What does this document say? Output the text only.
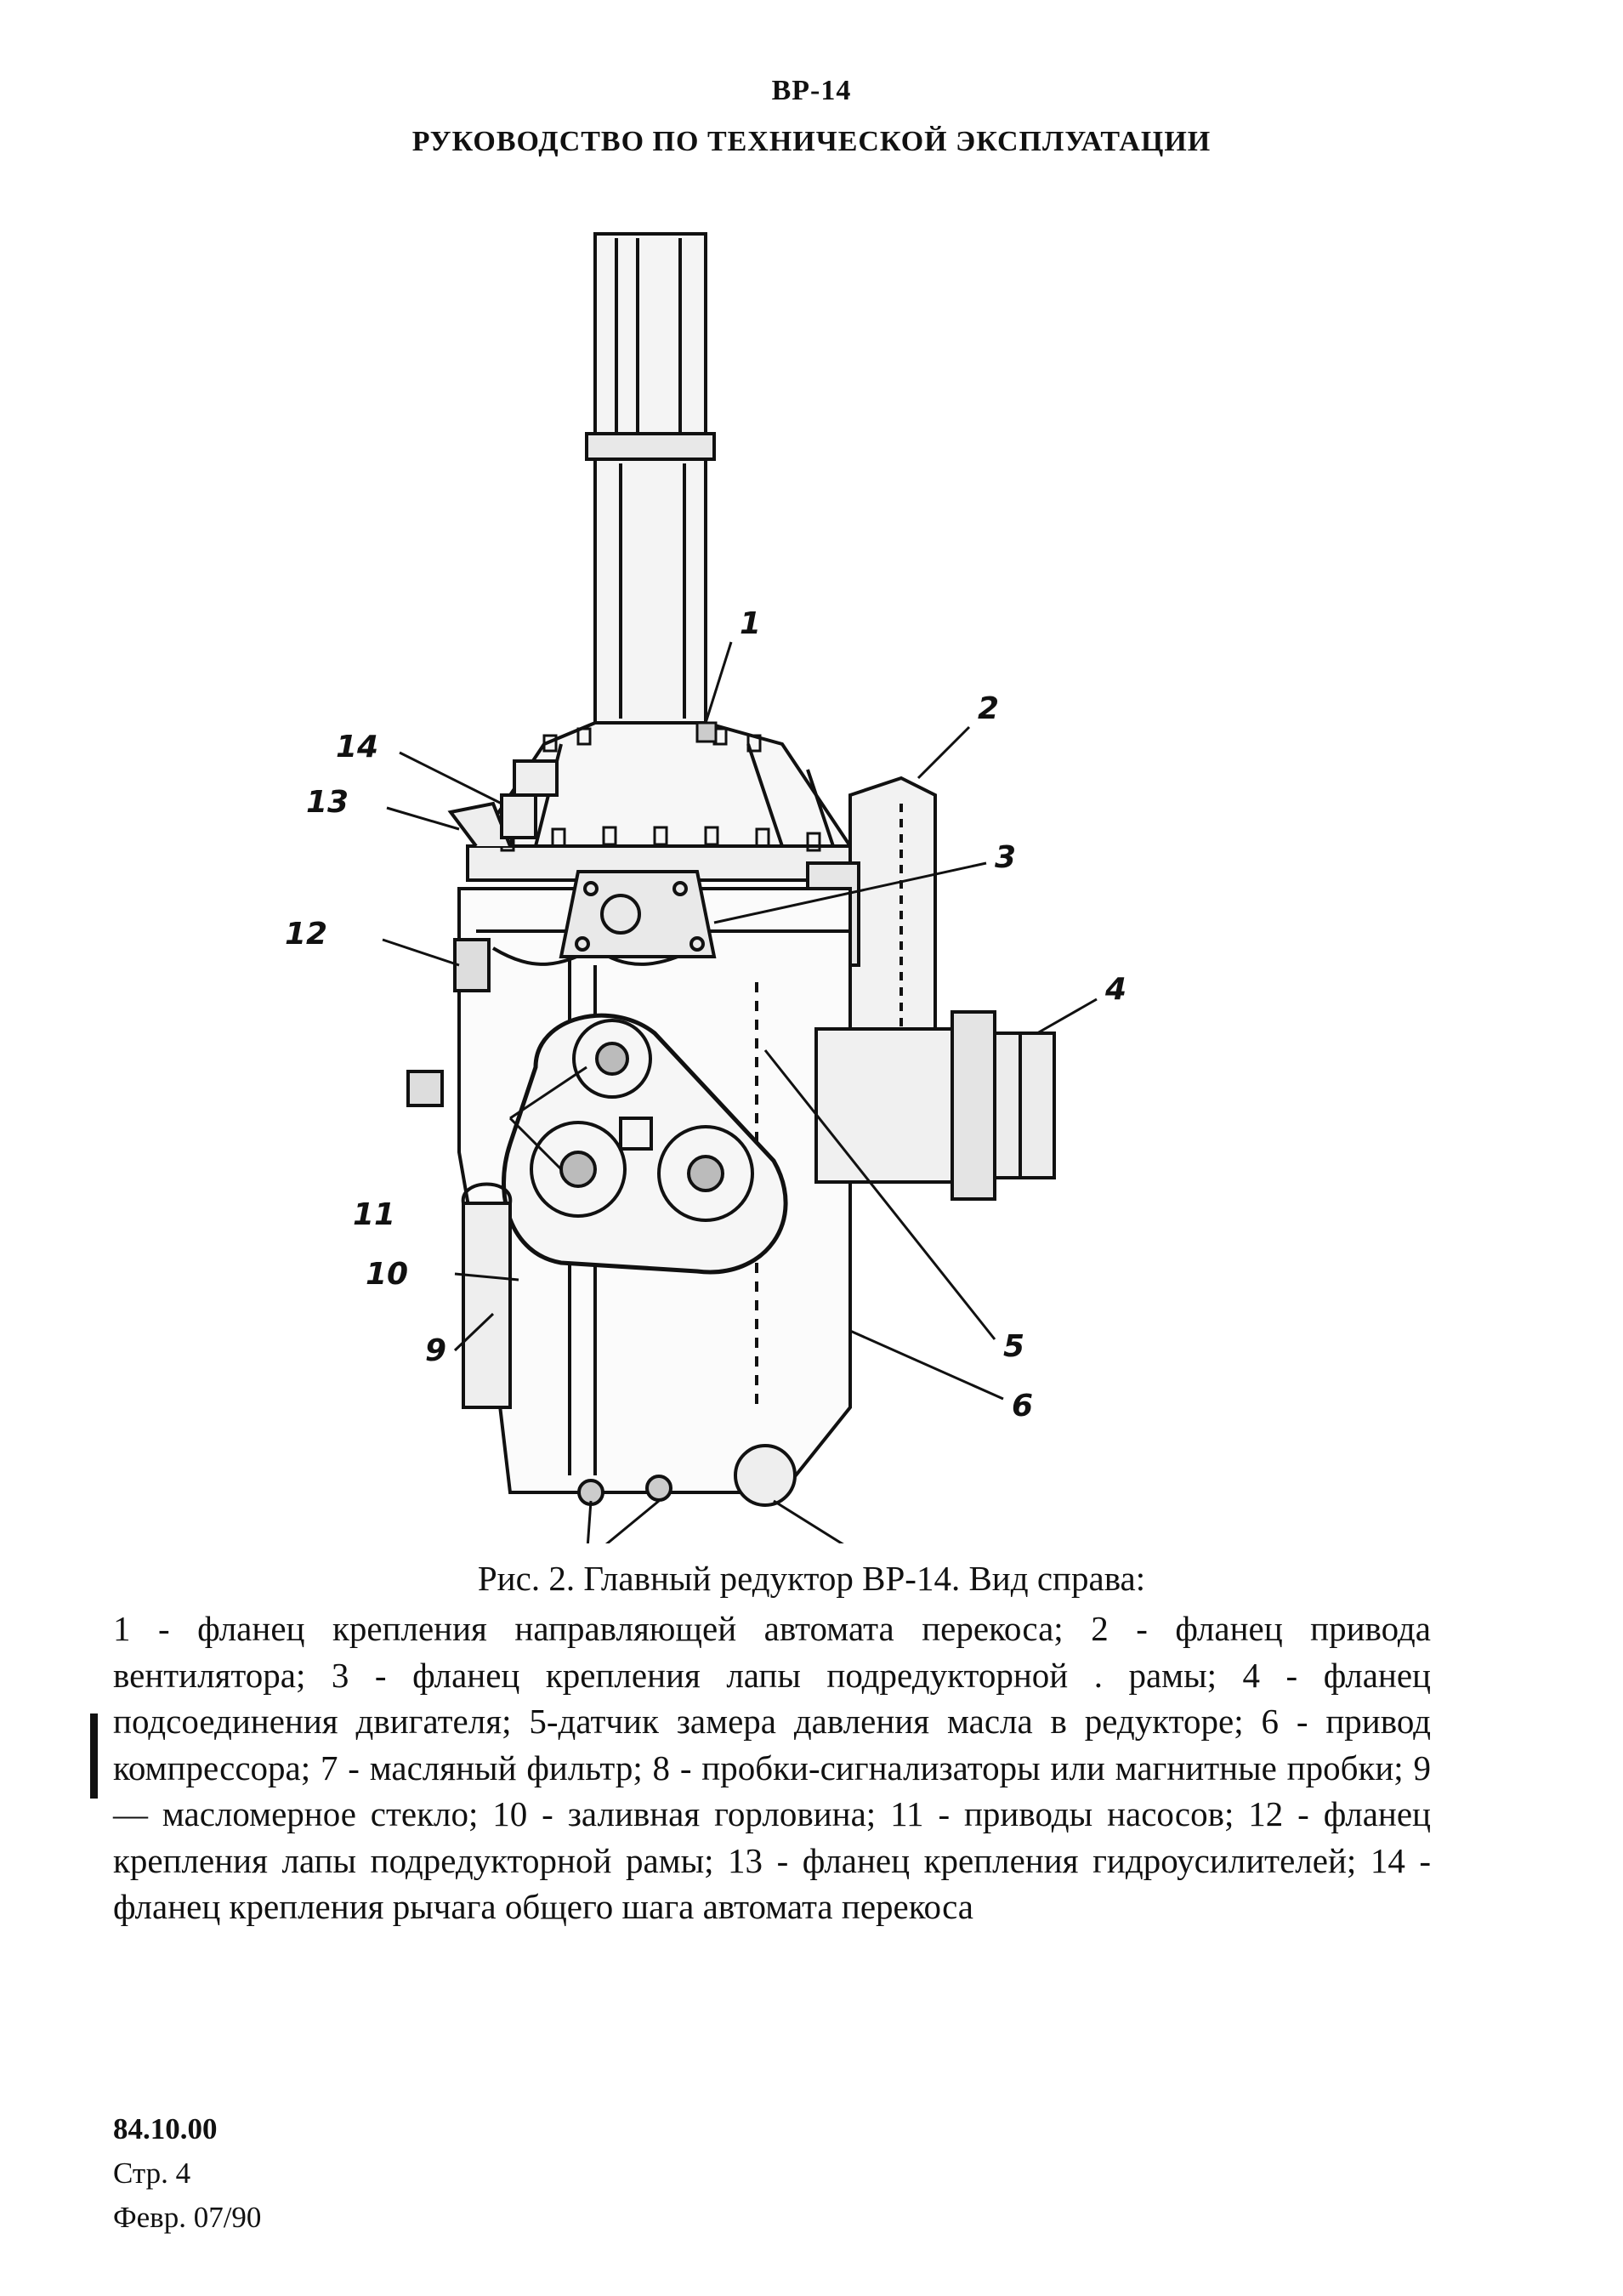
ВР-14
РУКОВОДСТВО ПО ТЕХНИЧЕСКОЙ ЭКСПЛУАТАЦИИ
1
2
3
4
5
6
9
10
11
12
13
14
Рис. 2. Главный редуктор ВР-14. Вид справа:
1 - фланец крепления направляющей автомата перекоса; 2 - фланец привода вентилятора; 3 - фланец крепления лапы подредукторной . рамы; 4 - фланец подсоединения двигателя; 5-датчик замера давления масла в редукторе; 6 - привод компрессора; 7 - масляный фильтр; 8 - пробки-сигнализаторы или магнитные пробки; 9 — масломерное стекло; 10 - заливная горловина; 11 - приводы насосов; 12 - фланец крепления лапы подредукторной рамы; 13 - фланец крепления гидроусилителей; 14 - фланец крепления рычага общего шага автомата перекоса
84.10.00
Стр. 4
Февр. 07/90
